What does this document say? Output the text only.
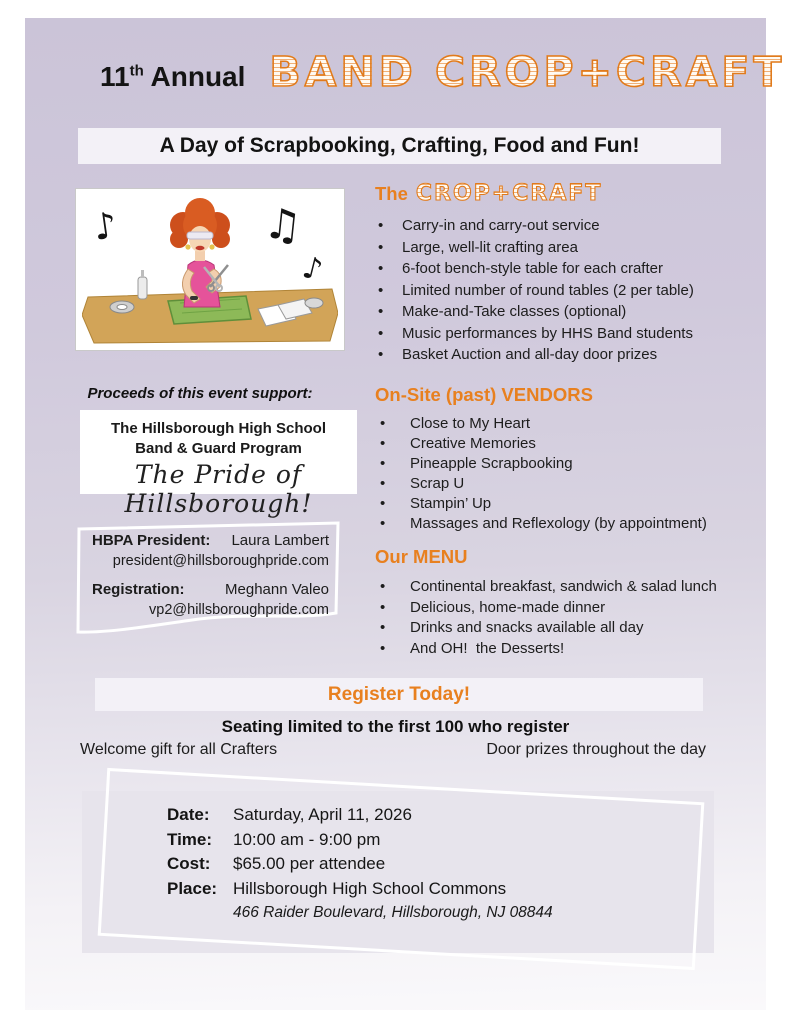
11th Annual BAND CROP+CRAFT
A Day of Scrapbooking, Crafting, Food and Fun!
♪	♫
♪
Proceeds of this event support:
The Hillsborough High School
Band & Guard Program
The Pride of Hillsborough!
HBPA President: Laura Lambert
president@hillsboroughpride.com
Registration:	Meghann Valeo
vp2@hillsboroughpride.com
The CROP+CRAFT
• Carry-in and carry-out service
• Large, well-lit crafting area
• 6-foot bench-style table for each crafter
• Limited number of round tables (2 per table)
• Make-and-Take classes (optional)
• Music performances by HHS Band students
• Basket Auction and all-day door prizes
On-Site (past) VENDORS
• Close to My Heart
• Creative Memories
• Pineapple Scrapbooking
• Scrap U
• Stampin’ Up
• Massages and Reflexology (by appointment)
Our MENU
• Continental breakfast, sandwich & salad lunch
• Delicious, home-made dinner
• Drinks and snacks available all day
• And OH!  the Desserts!
Register Today!
Seating limited to the first 100 who register
Welcome gift for all Crafters	Door prizes throughout the day
Date:	Saturday, April 11, 2026
Time:	10:00 am - 9:00 pm
Cost:	$65.00 per attendee
Place: Hillsborough High School Commons
466 Raider Boulevard, Hillsborough, NJ 08844
